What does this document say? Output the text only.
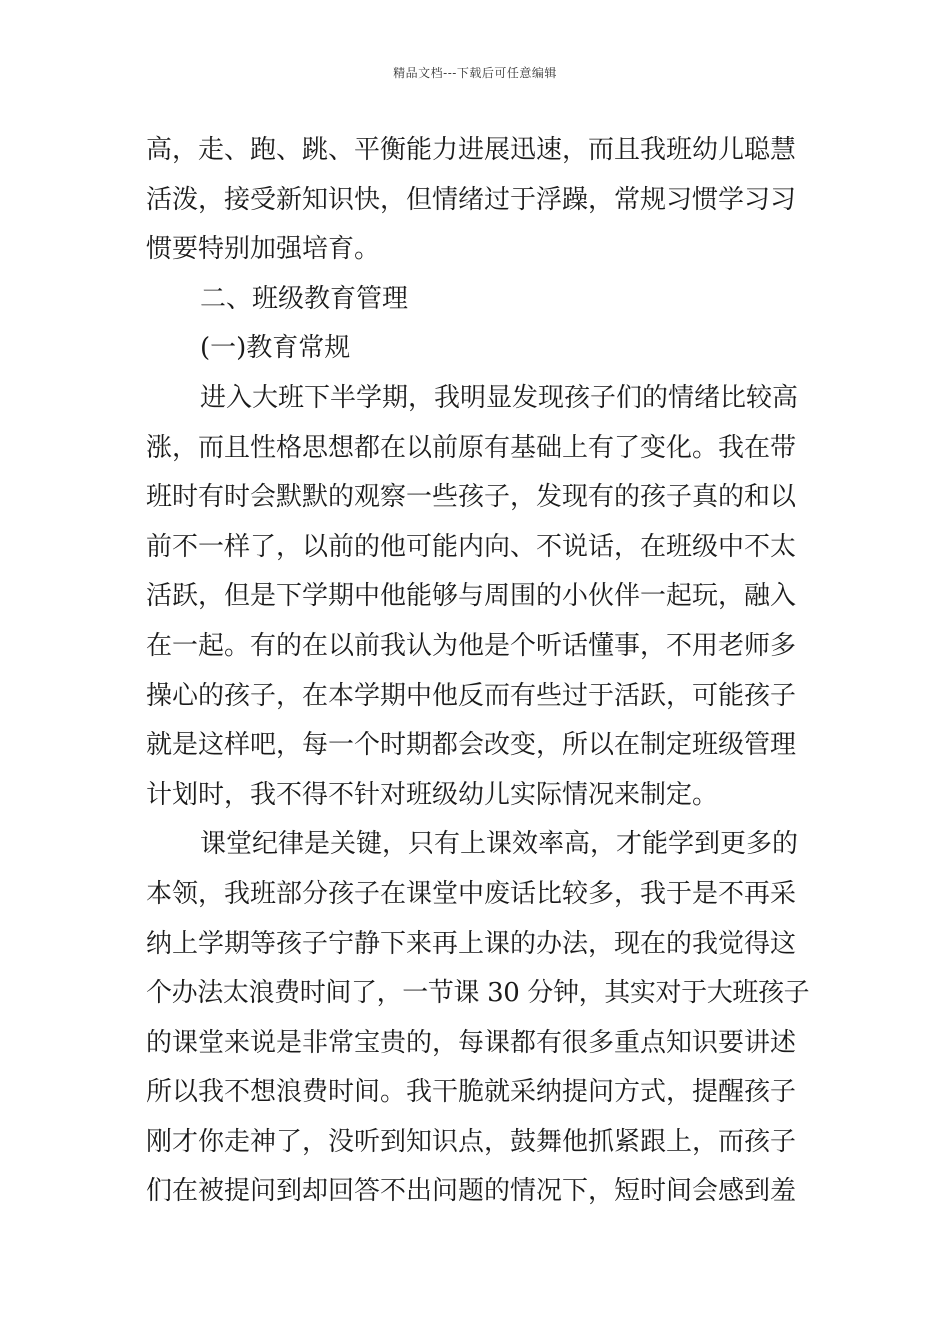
精品文档---下载后可任意编辑
高，走、跑、跳、平衡能力进展迅速，而且我班幼儿聪慧
活泼，接受新知识快，但情绪过于浮躁，常规习惯学习习
惯要特别加强培育。
二、班级教育管理
(一)教育常规
进入大班下半学期，我明显发现孩子们的情绪比较高
涨，而且性格思想都在以前原有基础上有了变化。我在带
班时有时会默默的观察一些孩子，发现有的孩子真的和以
前不一样了，以前的他可能内向、不说话，在班级中不太
活跃，但是下学期中他能够与周围的小伙伴一起玩，融入
在一起。有的在以前我认为他是个听话懂事，不用老师多
操心的孩子，在本学期中他反而有些过于活跃，可能孩子
就是这样吧，每一个时期都会改变，所以在制定班级管理
计划时，我不得不针对班级幼儿实际情况来制定。
课堂纪律是关键，只有上课效率高，才能学到更多的
本领，我班部分孩子在课堂中废话比较多，我于是不再采
纳上学期等孩子宁静下来再上课的办法，现在的我觉得这
个办法太浪费时间了，一节课 30 分钟，其实对于大班孩子
的课堂来说是非常宝贵的，每课都有很多重点知识要讲述
所以我不想浪费时间。我干脆就采纳提问方式，提醒孩子
刚才你走神了，没听到知识点，鼓舞他抓紧跟上，而孩子
们在被提问到却回答不出问题的情况下，短时间会感到羞
